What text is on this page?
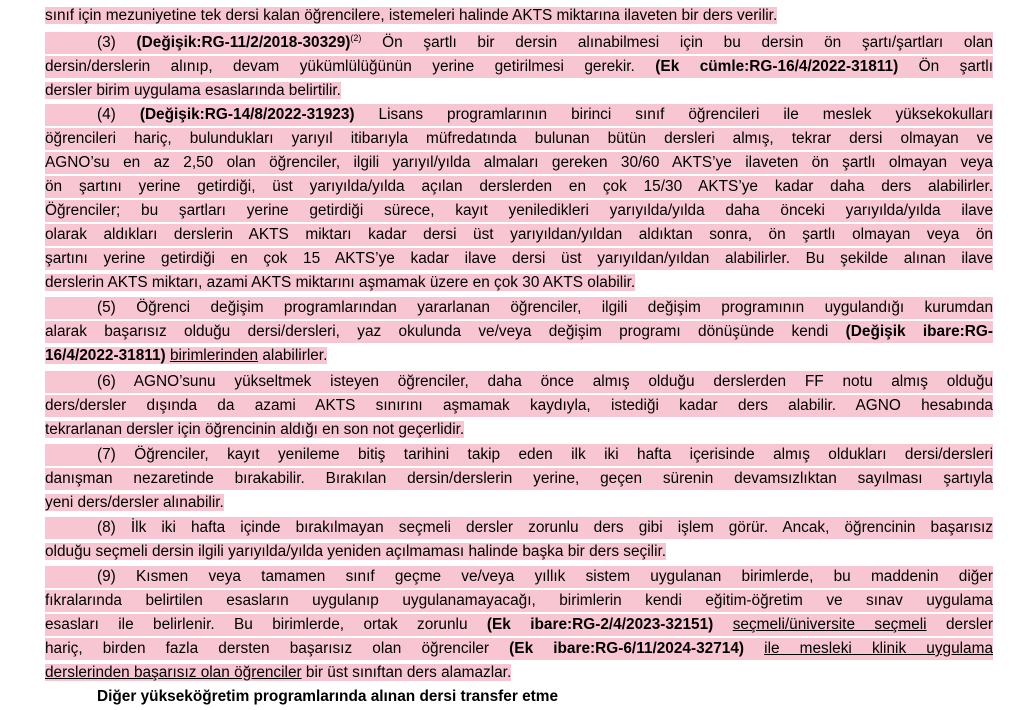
sınıf için mezuniyetine tek dersi kalan öğrencilere, istemeleri halinde AKTS miktarına ilaveten bir ders verilir.
(3) (Değişik:RG-11/2/2018-30329)$^{(2)}$ Ön şartlı bir dersin alınabilmesi için bu dersin ön şartı/şartları olan
dersin/derslerin alınıp, devam yükümlülüğünün yerine getirilmesi gerekir. (Ek cümle:RG-16/4/2022-31811) Ön şartlı
dersler birim uygulama esaslarında belirtilir.
(4) (Değişik:RG-14/8/2022-31923) Lisans programlarının birinci sınıf öğrencileri ile meslek yüksekokulları
öğrencileri hariç, bulundukları yarıyıl itibarıyla müfredatında bulunan bütün dersleri almış, tekrar dersi olmayan ve
AGNO’su en az 2,50 olan öğrenciler, ilgili yarıyıl/yılda almaları gereken 30/60 AKTS’ye ilaveten ön şartlı olmayan veya
ön şartını yerine getirdiği, üst yarıyılda/yılda açılan derslerden en çok 15/30 AKTS’ye kadar daha ders alabilirler.
Öğrenciler; bu şartları yerine getirdiği sürece, kayıt yeniledikleri yarıyılda/yılda daha önceki yarıyılda/yılda ilave
olarak aldıkları derslerin AKTS miktarı kadar dersi üst yarıyıldan/yıldan aldıktan sonra, ön şartlı olmayan veya ön
şartını yerine getirdiği en çok 15 AKTS’ye kadar ilave dersi üst yarıyıldan/yıldan alabilirler. Bu şekilde alınan ilave
derslerin AKTS miktarı, azami AKTS miktarını aşmamak üzere en çok 30 AKTS olabilir.
(5) Öğrenci değişim programlarından yararlanan öğrenciler, ilgili değişim programının uygulandığı kurumdan
alarak başarısız olduğu dersi/dersleri, yaz okulunda ve/veya değişim programı dönüşünde kendi (Değişik ibare:RG-
16/4/2022-31811) birimlerinden alabilirler.
(6) AGNO’sunu yükseltmek isteyen öğrenciler, daha önce almış olduğu derslerden FF notu almış olduğu
ders/dersler dışında da azami AKTS sınırını aşmamak kaydıyla, istediği kadar ders alabilir. AGNO hesabında
tekrarlanan dersler için öğrencinin aldığı en son not geçerlidir.
(7) Öğrenciler, kayıt yenileme bitiş tarihini takip eden ilk iki hafta içerisinde almış oldukları dersi/dersleri
danışman nezaretinde bırakabilir. Bırakılan dersin/derslerin yerine, geçen sürenin devamsızlıktan sayılması şartıyla
yeni ders/dersler alınabilir.
(8) İlk iki hafta içinde bırakılmayan seçmeli dersler zorunlu ders gibi işlem görür. Ancak, öğrencinin başarısız
olduğu seçmeli dersin ilgili yarıyılda/yılda yeniden açılmaması halinde başka bir ders seçilir.
(9) Kısmen veya tamamen sınıf geçme ve/veya yıllık sistem uygulanan birimlerde, bu maddenin diğer
fıkralarında belirtilen esasların uygulanıp uygulanamayacağı, birimlerin kendi eğitim-öğretim ve sınav uygulama
esasları ile belirlenir. Bu birimlerde, ortak zorunlu (Ek ibare:RG-2/4/2023-32151) seçmeli/üniversite seçmeli dersler
hariç, birden fazla dersten başarısız olan öğrenciler (Ek ibare:RG-6/11/2024-32714) ile mesleki klinik uygulama
derslerinden başarısız olan öğrenciler bir üst sınıftan ders alamazlar.
Diğer yükseköğretim programlarında alınan dersi transfer etme
